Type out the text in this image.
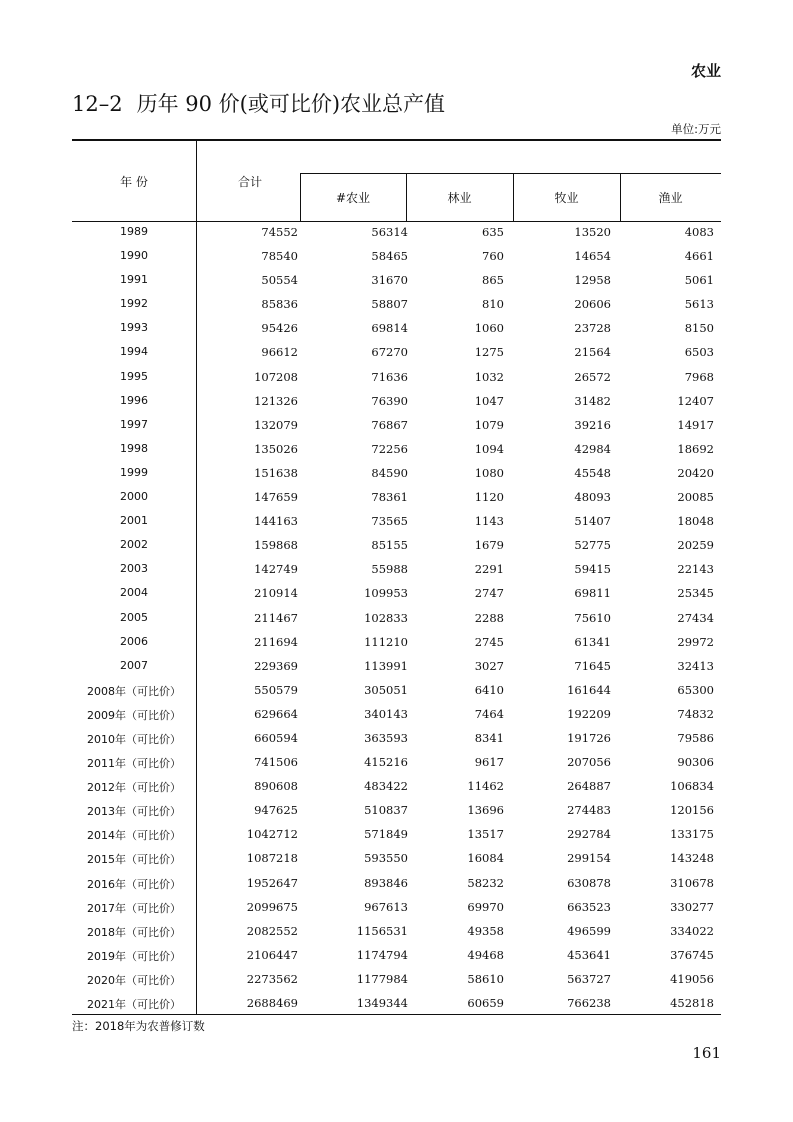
农业
12–2 历年 90 价(或可比价)农业总产值
单位:万元
年 份	合计
#农业	林业	牧业	渔业
1989	74552	56314	635	13520	4083
1990	78540	58465	760	14654	4661
1991	50554	31670	865	12958	5061
1992	85836	58807	810	20606	5613
1993	95426	69814	1060	23728	8150
1994	96612	67270	1275	21564	6503
1995	107208	71636	1032	26572	7968
1996	121326	76390	1047	31482	12407
1997	132079	76867	1079	39216	14917
1998	135026	72256	1094	42984	18692
1999	151638	84590	1080	45548	20420
2000	147659	78361	1120	48093	20085
2001	144163	73565	1143	51407	18048
2002	159868	85155	1679	52775	20259
2003	142749	55988	2291	59415	22143
2004	210914	109953	2747	69811	25345
2005	211467	102833	2288	75610	27434
2006	211694	111210	2745	61341	29972
2007	229369	113991	3027	71645	32413
2008年（可比价）	550579	305051	6410	161644	65300
2009年（可比价）	629664	340143	7464	192209	74832
2010年（可比价）	660594	363593	8341	191726	79586
2011年（可比价）	741506	415216	9617	207056	90306
2012年（可比价）	890608	483422	11462	264887	106834
2013年（可比价）	947625	510837	13696	274483	120156
2014年（可比价）	1042712	571849	13517	292784	133175
2015年（可比价）	1087218	593550	16084	299154	143248
2016年（可比价）	1952647	893846	58232	630878	310678
2017年（可比价）	2099675	967613	69970	663523	330277
2018年（可比价）	2082552	1156531	49358	496599	334022
2019年（可比价）	2106447	1174794	49468	453641	376745
2020年（可比价）	2273562	1177984	58610	563727	419056
2021年（可比价）	2688469	1349344	60659	766238	452818
注：2018年为农普修订数
161
